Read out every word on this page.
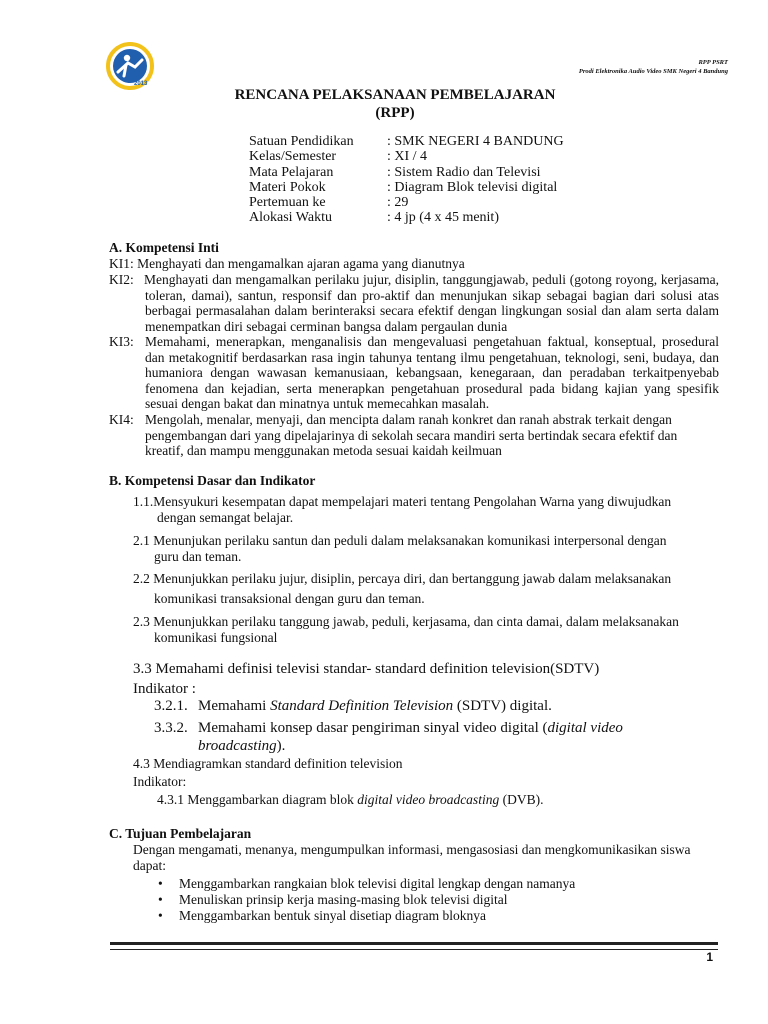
2013
RPP PSRT
Prodi Elektronika Audio Video SMK Negeri 4 Bandung
RENCANA PELAKSANAAN PEMBELAJARAN
(RPP)
Satuan Pendidikan	: SMK NEGERI 4 BANDUNG
Kelas/Semester	: XI / 4
Mata Pelajaran	: Sistem Radio dan Televisi
Materi Pokok	: Diagram Blok televisi digital
Pertemuan ke	: 29
Alokasi Waktu	: 4 jp (4 x 45 menit)
A. Kompetensi Inti
KI1: Menghayati dan mengamalkan ajaran agama yang dianutnya
KI2: Menghayati dan mengamalkan perilaku jujur, disiplin, tanggungjawab, peduli (gotong royong, kerjasama, toleran, damai), santun, responsif dan pro-aktif dan menunjukan sikap sebagai bagian dari solusi atas berbagai permasalahan dalam berinteraksi secara efektif dengan lingkungan sosial dan alam serta dalam menempatkan diri sebagai cerminan bangsa dalam pergaulan dunia
KI3: Memahami, menerapkan, menganalisis dan mengevaluasi pengetahuan faktual, konseptual, prosedural dan metakognitif berdasarkan rasa ingin tahunya tentang ilmu pengetahuan, teknologi, seni, budaya, dan humaniora dengan wawasan kemanusiaan, kebangsaan, kenegaraan, dan peradaban terkaitpenyebab fenomena dan kejadian, serta menerapkan pengetahuan prosedural pada bidang kajian yang spesifik sesuai dengan bakat dan minatnya untuk memecahkan masalah.
KI4: Mengolah, menalar, menyaji, dan mencipta dalam ranah konkret dan ranah abstrak terkait dengan pengembangan dari yang dipelajarinya di sekolah secara mandiri serta bertindak secara efektif dan kreatif, dan mampu menggunakan metoda sesuai kaidah keilmuan
B. Kompetensi Dasar dan Indikator
1.1.Mensyukuri kesempatan dapat mempelajari materi tentang Pengolahan Warna yang diwujudkan
dengan semangat belajar.
2.1 Menunjukan perilaku santun dan peduli dalam melaksanakan komunikasi interpersonal dengan
guru dan teman.
2.2 Menunjukkan perilaku jujur, disiplin, percaya diri, dan bertanggung jawab dalam melaksanakan
komunikasi transaksional dengan guru dan teman.
2.3 Menunjukkan perilaku tanggung jawab, peduli, kerjasama, dan cinta damai, dalam melaksanakan
komunikasi fungsional
3.3 Memahami definisi televisi standar- standard definition television(SDTV)
Indikator :
3.2.1. Memahami Standard Definition Television (SDTV) digital.
3.3.2. Memahami konsep dasar pengiriman sinyal video digital (digital video
broadcasting).
4.3 Mendiagramkan standard definition television
Indikator:
4.3.1 Menggambarkan diagram blok digital video broadcasting (DVB).
C. Tujuan Pembelajaran
Dengan mengamati, menanya, mengumpulkan informasi, mengasosiasi dan mengkomunikasikan siswa dapat:
• Menggambarkan rangkaian blok televisi digital lengkap dengan namanya
• Menuliskan prinsip kerja masing-masing blok televisi digital
• Menggambarkan bentuk sinyal disetiap diagram bloknya
1
